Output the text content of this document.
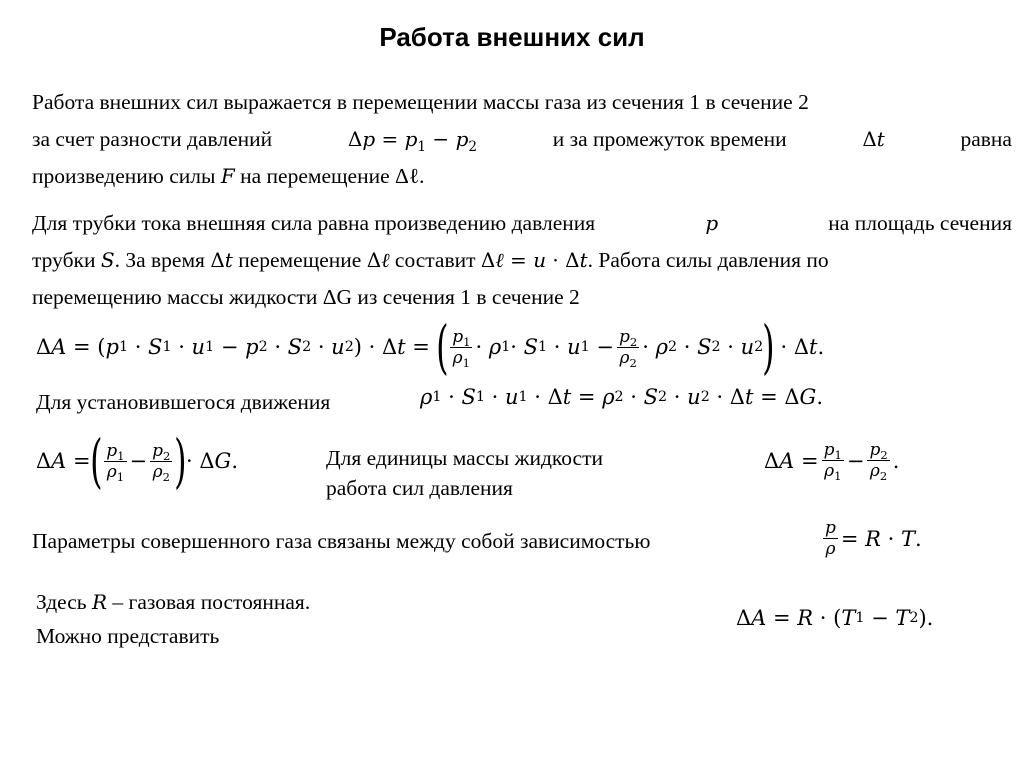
Работа внешних сил
Работа внешних сил выражается в перемещении массы газа из сечения 1 в сечение 2
за счет разности давлений	$\Delta p = p_1 - p_2$	и за промежуток времени	Δt	равна
произведению силы F на перемещение Δℓ.
Для трубки тока внешняя сила равна произведению давления	p	на площадь сечения
трубки S. За время Δt перемещение Δℓ составит Δℓ = u · Δt. Работа силы давления по
перемещению массы жидкости ΔG из сечения 1 в сечение 2
Δ A = ( p 1 · S 1 · u 1 − p 2 · S 2 · u 2 ) · Δ t = ( $\frac{p_1}{\rho_1} \cdot \rho$ 1 · S 1 · u $1 - \frac{p_2}{\rho_2} \cdot \rho$ 2 · S 2 · u 2 ) · Δ t .
Для установившегося движения	ρ 1 · S 1 · u 1 · Δ t = ρ 2 · S 2 · u 2 · Δ t = Δ G .
Δ A = ( $\frac{p_1}{\rho_1} - \frac{p_2}{\rho_2}$ ) · Δ G .	Для единицы массы жидкости
работа сил давления
Δ $A = \frac{p_1}{\rho_1} - \frac{p_2}{\rho_2}$ .
Параметры совершенного газа связаны между собой зависимостью	$\frac{p}{\rho} = R \cdot T$ .
Здесь R – газовая постоянная.
Можно представить
Δ A = R · ( T 1 − T 2 ).
